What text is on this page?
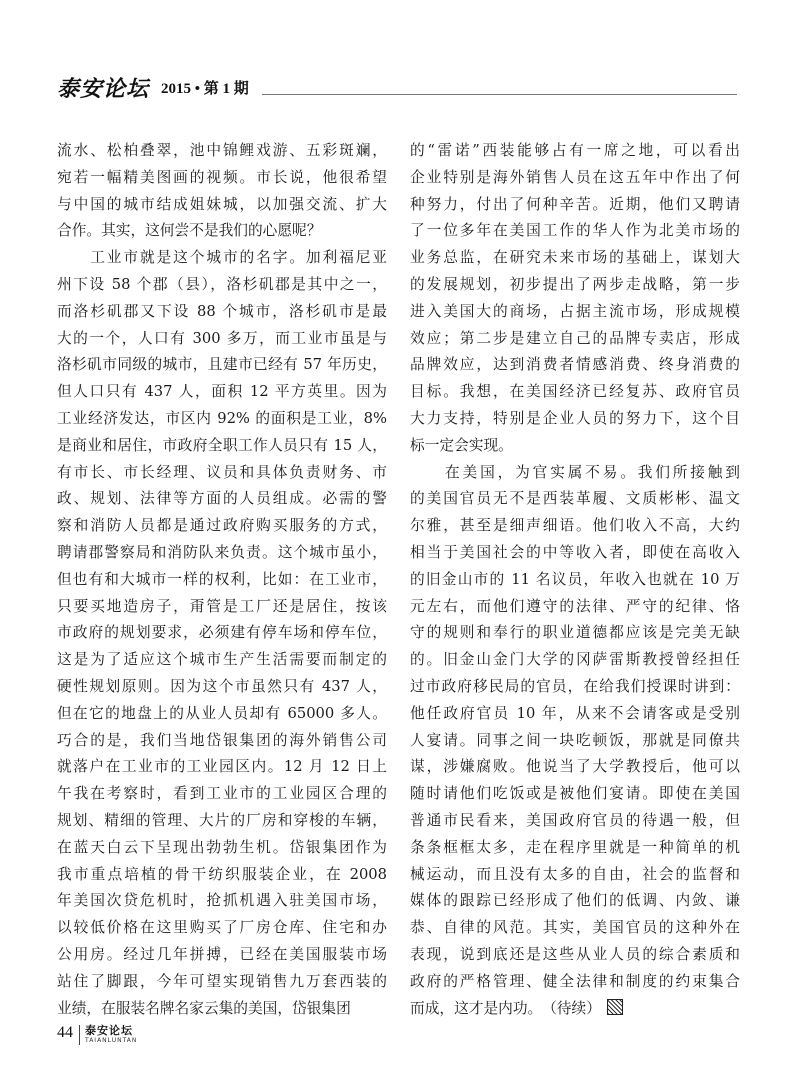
泰安论坛 2015 • 第 1 期
流水、松柏叠翠，池中锦鲤戏游、五彩斑斓，
宛若一幅精美图画的视频。市长说，他很希望
与中国的城市结成姐妹城，以加强交流、扩大
合作。其实，这何尝不是我们的心愿呢？
　　工业市就是这个城市的名字。加利福尼亚
州下设 58 个郡（县），洛杉矶郡是其中之一，
而洛杉矶郡又下设 88 个城市，洛杉矶市是最
大的一个，人口有 300 多万，而工业市虽是与
洛杉矶市同级的城市，且建市已经有 57 年历史，
但人口只有 437 人，面积 12 平方英里。因为
工业经济发达，市区内 92% 的面积是工业，8%
是商业和居住，市政府全职工作人员只有 15 人，
有市长、市长经理、议员和具体负责财务、市
政、规划、法律等方面的人员组成。必需的警
察和消防人员都是通过政府购买服务的方式，
聘请郡警察局和消防队来负责。这个城市虽小，
但也有和大城市一样的权利，比如：在工业市，
只要买地造房子，甭管是工厂还是居住，按该
市政府的规划要求，必须建有停车场和停车位，
这是为了适应这个城市生产生活需要而制定的
硬性规划原则。因为这个市虽然只有 437 人，
但在它的地盘上的从业人员却有 65000 多人。
巧合的是，我们当地岱银集团的海外销售公司
就落户在工业市的工业园区内。12 月 12 日上
午我在考察时，看到工业市的工业园区合理的
规划、精细的管理、大片的厂房和穿梭的车辆，
在蓝天白云下呈现出勃勃生机。岱银集团作为
我市重点培植的骨干纺织服装企业，在 2008
年美国次贷危机时，抢抓机遇入驻美国市场，
以较低价格在这里购买了厂房仓库、住宅和办
公用房。经过几年拼搏，已经在美国服装市场
站住了脚跟，今年可望实现销售九万套西装的
业绩，在服装名牌名家云集的美国，岱银集团
的“雷诺”西装能够占有一席之地，可以看出
企业特别是海外销售人员在这五年中作出了何
种努力，付出了何种辛苦。近期，他们又聘请
了一位多年在美国工作的华人作为北美市场的
业务总监，在研究未来市场的基础上，谋划大
的发展规划，初步提出了两步走战略，第一步
进入美国大的商场，占据主流市场，形成规模
效应；第二步是建立自己的品牌专卖店，形成
品牌效应，达到消费者情感消费、终身消费的
目标。我想，在美国经济已经复苏、政府官员
大力支持，特别是企业人员的努力下，这个目
标一定会实现。
　　在美国，为官实属不易。我们所接触到
的美国官员无不是西装革履、文质彬彬、温文
尔雅，甚至是细声细语。他们收入不高，大约
相当于美国社会的中等收入者，即使在高收入
的旧金山市的 11 名议员，年收入也就在 10 万
元左右，而他们遵守的法律、严守的纪律、恪
守的规则和奉行的职业道德都应该是完美无缺
的。旧金山金门大学的冈萨雷斯教授曾经担任
过市政府移民局的官员，在给我们授课时讲到：
他任政府官员 10 年，从来不会请客或是受别
人宴请。同事之间一块吃顿饭，那就是同僚共
谋，涉嫌腐败。他说当了大学教授后，他可以
随时请他们吃饭或是被他们宴请。即使在美国
普通市民看来，美国政府官员的待遇一般，但
条条框框太多，走在程序里就是一种简单的机
械运动，而且没有太多的自由，社会的监督和
媒体的跟踪已经形成了他们的低调、内敛、谦
恭、自律的风范。其实，美国官员的这种外在
表现，说到底还是这些从业人员的综合素质和
政府的严格管理、健全法律和制度的约束集合
而成，这才是内功。　（待续）
44 泰安论坛
TAIANLUNTAN
